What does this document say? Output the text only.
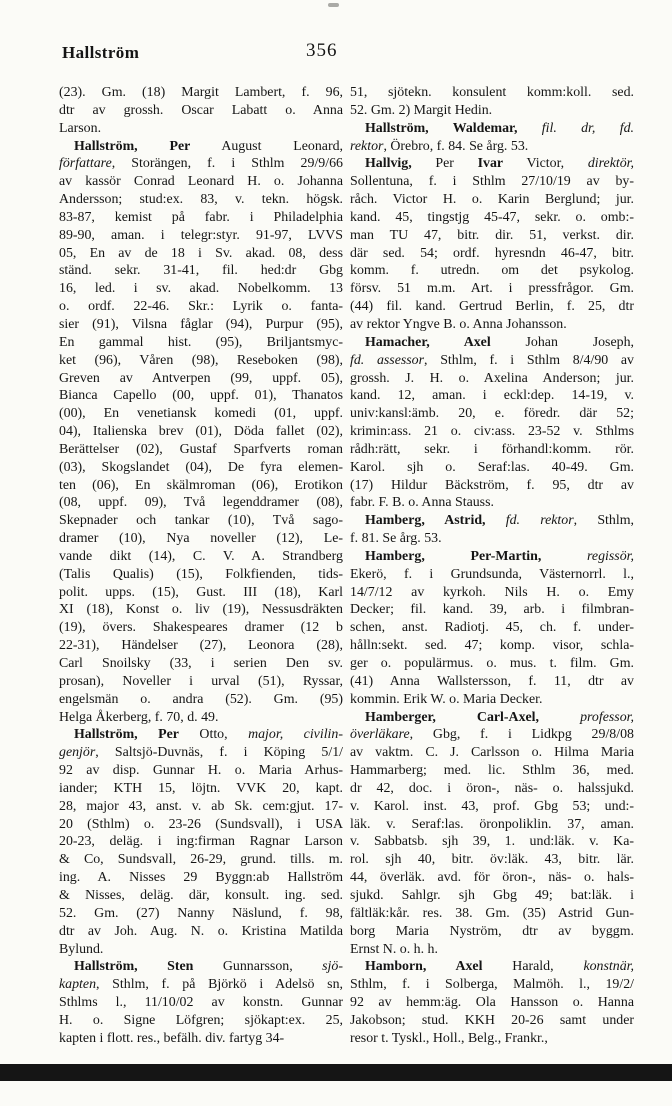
Hallström	356
(23). Gm. (18) Margit Lambert, f. 96,
dtr av grossh. Oscar Labatt o. Anna
Larson.
Hallström, Per August Leonard,
författare, Storängen, f. i Sthlm 29/9/66
av kassör Conrad Leonard H. o. Johanna
Andersson; stud:ex. 83, v. tekn. högsk.
83-87, kemist på fabr. i Philadelphia
89-90, aman. i telegr:styr. 91-97, LVVS
05, En av de 18 i Sv. akad. 08, dess
ständ. sekr. 31-41, fil. hed:dr Gbg
16, led. i sv. akad. Nobelkomm. 13
o. ordf. 22-46. Skr.: Lyrik o. fanta-
sier (91), Vilsna fåglar (94), Purpur (95),
En gammal hist. (95), Briljantsmyc-
ket (96), Våren (98), Reseboken (98),
Greven av Antverpen (99, uppf. 05),
Bianca Capello (00, uppf. 01), Thanatos
(00), En venetiansk komedi (01, uppf.
04), Italienska brev (01), Döda fallet (02),
Berättelser (02), Gustaf Sparfverts roman
(03), Skogslandet (04), De fyra elemen-
ten (06), En skälmroman (06), Erotikon
(08, uppf. 09), Två legenddramer (08),
Skepnader och tankar (10), Två sago-
dramer (10), Nya noveller (12), Le-
vande dikt (14), C. V. A. Strandberg
(Talis Qualis) (15), Folkfienden, tids-
polit. upps. (15), Gust. III (18), Karl
XI (18), Konst o. liv (19), Nessusdräkten
(19), övers. Shakespeares dramer (12 b
22-31), Händelser (27), Leonora (28),
Carl Snoilsky (33, i serien Den sv.
prosan), Noveller i urval (51), Ryssar,
engelsmän o. andra (52). Gm. (95)
Helga Åkerberg, f. 70, d. 49.
Hallström, Per Otto, major, civilin-
genjör, Saltsjö-Duvnäs, f. i Köping 5/1/
92 av disp. Gunnar H. o. Maria Arhus-
iander; KTH 15, löjtn. VVK 20, kapt.
28, major 43, anst. v. ab Sk. cem:gjut. 17-
20 (Sthlm) o. 23-26 (Sundsvall), i USA
20-23, deläg. i ing:firman Ragnar Larson
& Co, Sundsvall, 26-29, grund. tills. m.
ing. A. Nisses 29 Byggn:ab Hallström
& Nisses, deläg. där, konsult. ing. sed.
52. Gm. (27) Nanny Näslund, f. 98,
dtr av Joh. Aug. N. o. Kristina Matilda
Bylund.
Hallström, Sten Gunnarsson, sjö-
kapten, Sthlm, f. på Björkö i Adelsö sn,
Sthlms l., 11/10/02 av konstn. Gunnar
H. o. Signe Löfgren; sjökapt:ex. 25,
kapten i flott. res., befälh. div. fartyg 34-
51, sjötekn. konsulent komm:koll. sed.
52. Gm. 2) Margit Hedin.
Hallström, Waldemar, fil. dr, fd.
rektor, Örebro, f. 84. Se årg. 53.
Hallvig, Per Ivar Victor, direktör,
Sollentuna, f. i Sthlm 27/10/19 av by-
råch. Victor H. o. Karin Berglund; jur.
kand. 45, tingstjg 45-47, sekr. o. omb:-
man TU 47, bitr. dir. 51, verkst. dir.
där sed. 54; ordf. hyresndn 46-47, bitr.
komm. f. utredn. om det psykolog.
försv. 51 m.m. Art. i pressfrågor. Gm.
(44) fil. kand. Gertrud Berlin, f. 25, dtr
av rektor Yngve B. o. Anna Johansson.
Hamacher, Axel Johan Joseph,
fd. assessor, Sthlm, f. i Sthlm 8/4/90 av
grossh. J. H. o. Axelina Anderson; jur.
kand. 12, aman. i eckl:dep. 14-19, v.
univ:kansl:ämb. 20, e. föredr. där 52;
krimin:ass. 21 o. civ:ass. 23-52 v. Sthlms
rådh:rätt, sekr. i förhandl:komm. rör.
Karol. sjh o. Seraf:las. 40-49. Gm.
(17) Hildur Bäckström, f. 95, dtr av
fabr. F. B. o. Anna Stauss.
Hamberg, Astrid, fd. rektor, Sthlm,
f. 81. Se årg. 53.
Hamberg, Per-Martin,	regissör,
Ekerö, f. i Grundsunda, Västernorrl. l.,
14/7/12 av kyrkoh. Nils H. o. Emy
Decker; fil. kand. 39, arb. i filmbran-
schen, anst. Radiotj. 45, ch. f. under-
hålln:sekt. sed. 47; komp. visor, schla-
ger o. populärmus. o. mus. t. film. Gm.
(41) Anna Wallstersson, f. 11, dtr av
kommin. Erik W. o. Maria Decker.
Hamberger, Carl-Axel,	professor,
överläkare, Gbg, f. i Lidkpg 29/8/08
av vaktm. C. J. Carlsson o. Hilma Maria
Hammarberg; med. lic. Sthlm 36, med.
dr 42, doc. i öron-, näs- o. halssjukd.
v. Karol. inst. 43, prof. Gbg 53; und:-
läk. v. Seraf:las. öronpoliklin. 37, aman.
v. Sabbatsb. sjh 39, 1. und:läk. v. Ka-
rol. sjh 40, bitr. öv:läk. 43, bitr. lär.
44, överläk. avd. för öron-, näs- o. hals-
sjukd. Sahlgr. sjh Gbg 49; bat:läk. i
fältläk:kår. res. 38. Gm. (35) Astrid Gun-
borg Maria Nyström, dtr av byggm.
Ernst N. o. h. h.
Hamborn, Axel Harald, konstnär,
Sthlm, f. i Solberga, Malmöh. l., 19/2/
92 av hemm:äg. Ola Hansson o. Hanna
Jakobson; stud. KKH 20-26 samt under
resor t. Tyskl., Holl., Belg., Frankr.,
